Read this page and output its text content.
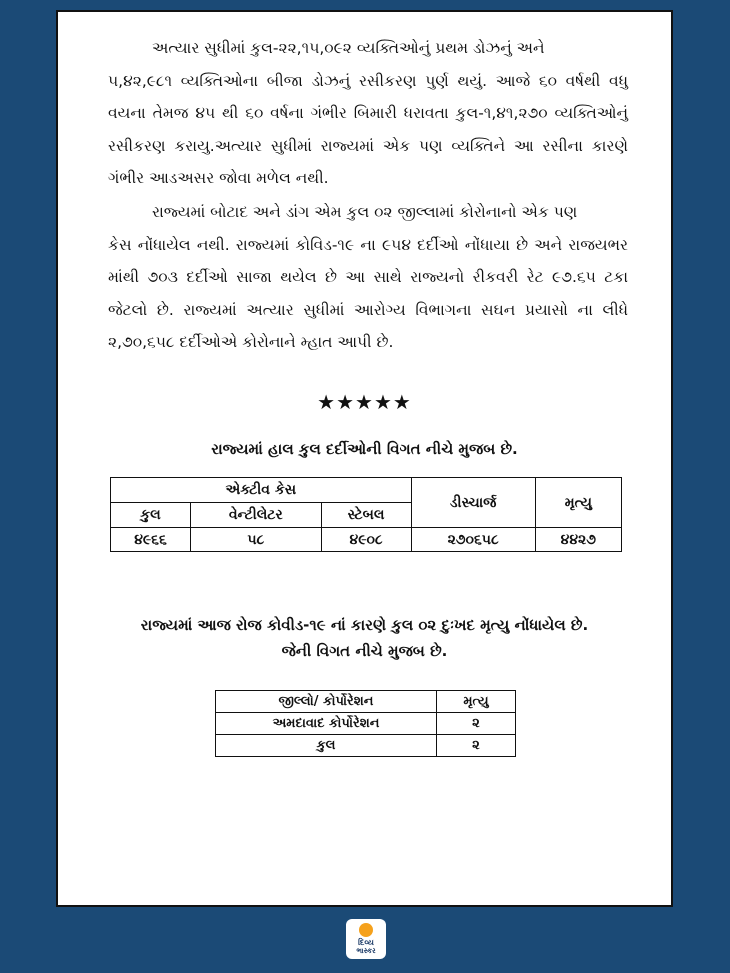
અત્યાર સુધીમાં કુલ-૨૨,૧૫,૦૯૨ વ્યક્તિઓનું પ્રથમ ડોઝનું અને
૫,૪૨,૯૮૧ વ્યક્તિઓના બીજા ડોઝનું રસીકરણ પુર્ણ થયું. આજે ૬૦ વર્ષથી વધુ વયના તેમજ ૪૫ થી ૬૦ વર્ષના ગંભીર બિમારી ધરાવતા કુલ-૧,૪૧,૨૭૦ વ્યક્તિઓનું રસીકરણ કરાયુ.અત્યાર સુધીમાં રાજ્યમાં એક પણ વ્યક્તિને આ રસીના કારણે ગંભીર આડઅસર જોવા મળેલ નથી.

રાજ્યમાં બોટાદ અને ડાંગ એમ કુલ ૦૨ જીલ્લામાં કોરોનાનો એક પણ
કેસ નોંધાયેલ નથી. રાજ્યમાં કોવિડ-૧૯ ના ૯૫૪ દર્દીઓ નોંધાયા છે અને રાજયભર માંથી ૭૦૩ દર્દીઓ સાજા થયેલ છે આ સાથે રાજ્યનો રીકવરી રેટ ૯૭.૬૫ ટકા જેટલો છે. રાજ્યમાં અત્યાર સુધીમાં આરોગ્ય વિભાગના સઘન પ્રયાસો ના લીધે ૨,૭૦,૬૫૮ દર્દીઓએ કોરોનાને મ્હાત આપી છે.

★★★★★

રાજ્યમાં હાલ કુલ દર્દીઓની વિગત નીચે મુજબ છે.

એક્ટીવ કેસ			ડીસ્ચાર્જ	મૃત્યુ
કુલ	વેન્ટીલેટર	સ્ટેબલ		
૪૯૬૬	૫૮	૪૯૦૮	૨૭૦૬૫૮	૪૪૨૭

રાજ્યમાં આજ રોજ કોવીડ-૧૯ નાં કારણે કુલ ૦૨ દુઃખદ મૃત્યુ નોંધાયેલ છે.
જેની વિગત નીચે મુજબ છે.

જીલ્લો/ કોર્પોરેશન	મૃત્યુ
અમદાવાદ કોર્પોરેશન	૨
કુલ	૨
દિવ્ય
ભાસ્કર
